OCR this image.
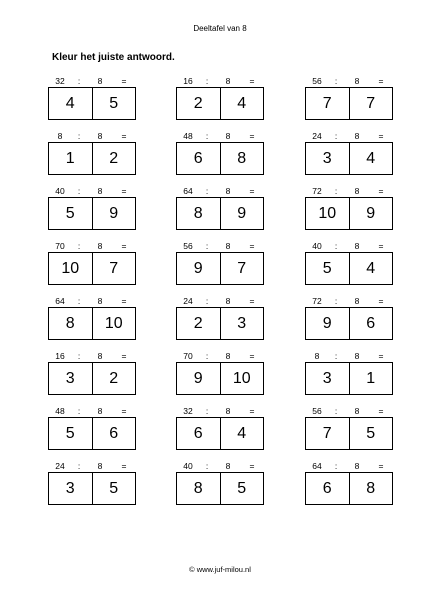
Deeltafel van 8
Kleur het juiste antwoord.
32 : 8 =
4	5
16 : 8 =
2	4
56 : 8 =
7	7
8 : 8 =
1	2
48 : 8 =
6	8
24 : 8 =
3	4
40 : 8 =
5	9
64 : 8 =
8	9
72 : 8 =
10	9
70 : 8 =
10	7
56 : 8 =
9	7
40 : 8 =
5	4
64 : 8 =
8	10
24 : 8 =
2	3
72 : 8 =
9	6
16 : 8 =
3	2
70 : 8 =
9	10
8 : 8 =
3	1
48 : 8 =
5	6
32 : 8 =
6	4
56 : 8 =
7	5
24 : 8 =
3	5
40 : 8 =
8	5
64 : 8 =
6	8
© www.juf-milou.nl
